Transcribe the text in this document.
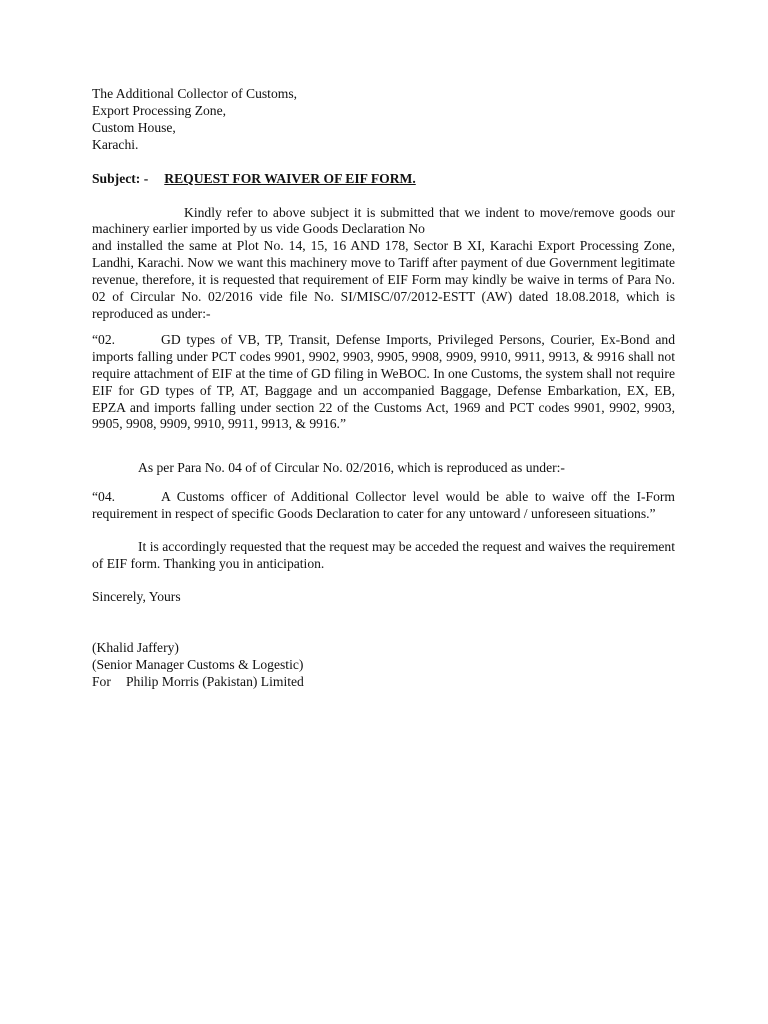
The Additional Collector of Customs,
Export Processing Zone,
Custom House,
Karachi.
Subject: - REQUEST FOR WAIVER OF EIF FORM.

Kindly refer to above subject it is submitted that we indent to move/remove goods our machinery earlier imported by us vide Goods Declaration No

and installed the same at Plot No. 14, 15, 16 AND 178, Sector B XI, Karachi Export Processing Zone, Landhi, Karachi. Now we want this machinery move to Tariff after payment of due Government legitimate revenue, therefore, it is requested that requirement of EIF Form may kindly be waive in terms of Para No. 02 of Circular No. 02/2016 vide file No. SI/MISC/07/2012-ESTT (AW) dated 18.08.2018, which is reproduced as under:-

“02.	GD types of VB, TP, Transit, Defense Imports, Privileged Persons, Courier, Ex-Bond and imports falling under PCT codes 9901, 9902, 9903, 9905, 9908, 9909, 9910, 9911, 9913, & 9916 shall not require attachment of EIF at the time of GD filing in WeBOC. In one Customs, the system shall not require EIF for GD types of TP, AT, Baggage and un accompanied Baggage, Defense Embarkation, EX, EB, EPZA and imports falling under section 22 of the Customs Act, 1969 and PCT codes 9901, 9902, 9903, 9905, 9908, 9909, 9910, 9911, 9913, & 9916.”

As per Para No. 04 of of Circular No. 02/2016, which is reproduced as under:-

“04.	A Customs officer of Additional Collector level would be able to waive off the I-Form requirement in respect of specific Goods Declaration to cater for any untoward / unforeseen situations.”

It is accordingly requested that the request may be acceded the request and waives the requirement of EIF form. Thanking you in anticipation.

Sincerely, Yours
(Khalid Jaffery)
(Senior Manager Customs & Logestic)
For Philip Morris (Pakistan) Limited
